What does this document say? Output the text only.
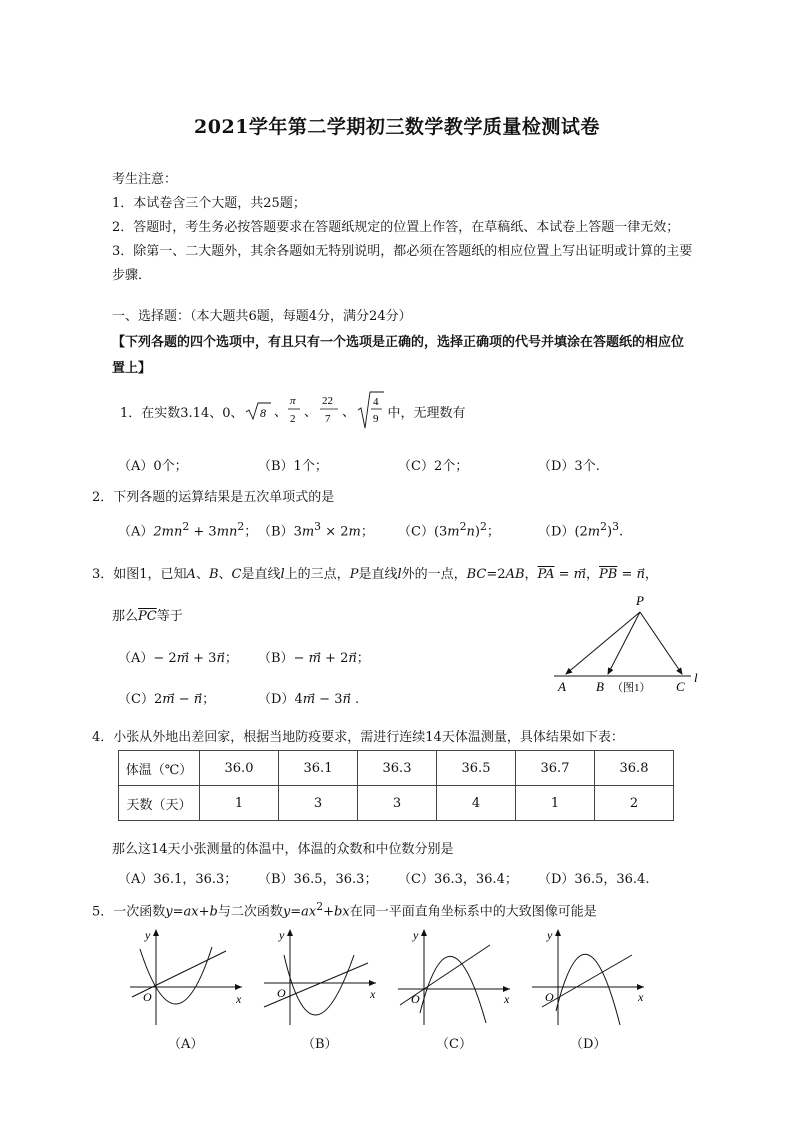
2021学年第二学期初三数学教学质量检测试卷
考生注意：
1．本试卷含三个大题，共25题；
2．答题时，考生务必按答题要求在答题纸规定的位置上作答，在草稿纸、本试卷上答题一律无效；
3．除第一、二大题外，其余各题如无特别说明，都必须在答题纸的相应位置上写出证明或计算的主要
步骤．
一、选择题：（本大题共6题，每题4分，满分24分）
【下列各题的四个选项中，有且只有一个选项是正确的，选择正确项的代号并填涂在答题纸的相应位
置上】
1．在实数3.14、0、 8 、
π
2 、
22
7 、
4
9 中，无理数有
（A）0个；	（B）1个；	（C）2个；	（D）3个.
2．下列各题的运算结果是五次单项式的是
$(A)2mn^2 + 3mn^2$； $(B)3m^3 \times 2m$； $(C)(3m^2n)^2$；	$(D)(2m^2)^3$.
3．如图1，已知A、B、C是直线l上的三点，P是直线l外的一点，BC=2AB，$\overline{PA}$ = m⃗，$\overline{PB}$ = n⃗，
那么$\overline{PC}$等于
（A）− 2m⃗ + 3n⃗； （B）− m⃗ + 2n⃗；
（C）2m⃗ − n⃗；	（D）4m⃗ − 3n⃗ .
P
A B	C
l
（图1）
4．小张从外地出差回家，根据当地防疫要求，需进行连续14天体温测量，具体结果如下表：
体温（℃）	36.0	36.1	36.3	36.5	36.7	36.8
天数（天）	1	3	3	4	1	2
那么这14天小张测量的体温中，体温的众数和中位数分别是
（A）36.1，36.3； （B）36.5，36.3； （C）36.3，36.4； （D）36.5，36.4.
5．一次函数y=ax+b与二次函数$y=ax^2+bx$在同一平面直角坐标系中的大致图像可能是
x
y
O	x
y
O	x
y
O	x
y
O
（A）	（B）	（C）	（D）
